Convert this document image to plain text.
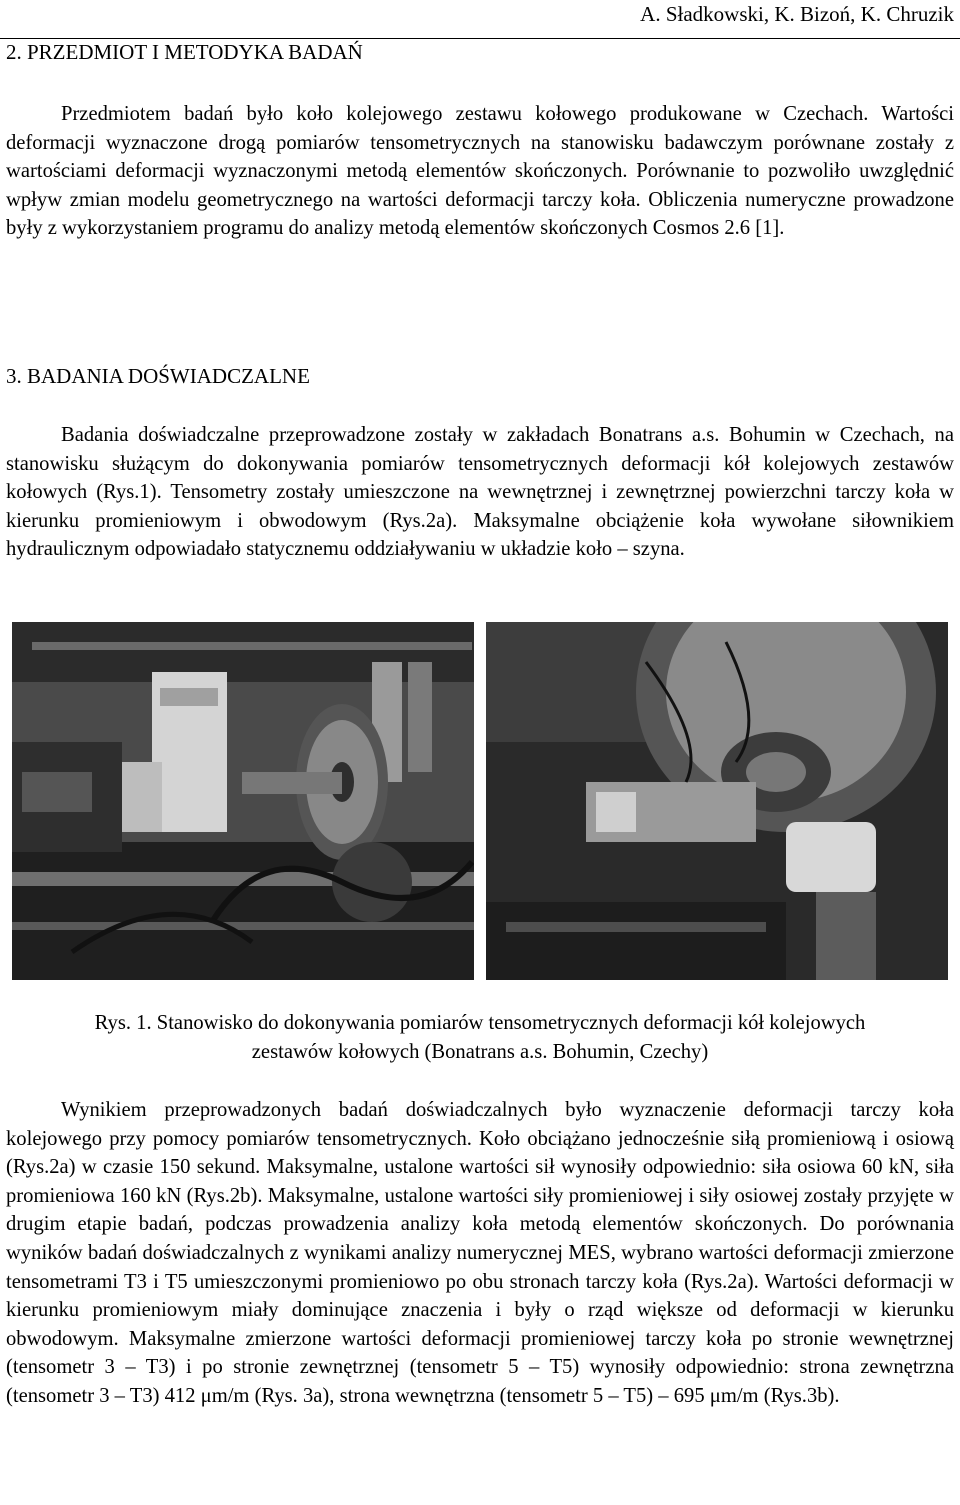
A. Sładkowski, K. Bizoń, K. Chruzik
2. PRZEDMIOT I METODYKA BADAŃ

Przedmiotem badań było koło kolejowego zestawu kołowego produkowane w Czechach. Wartości deformacji wyznaczone drogą pomiarów tensometrycznych na stanowisku badawczym porównane zostały z wartościami deformacji wyznaczonymi metodą elementów skończonych. Porównanie to pozwoliło uwzględnić wpływ zmian modelu geometrycznego na wartości deformacji tarczy koła. Obliczenia numeryczne prowadzone były z wykorzystaniem programu do analizy metodą elementów skończonych Cosmos 2.6 [1].

3. BADANIA DOŚWIADCZALNE

Badania doświadczalne przeprowadzone zostały w zakładach Bonatrans a.s. Bohumin w Czechach, na stanowisku służącym do dokonywania pomiarów tensometrycznych deformacji kół kolejowych zestawów kołowych (Rys.1). Tensometry zostały umieszczone na wewnętrznej i zewnętrznej powierzchni tarczy koła w kierunku promieniowym i obwodowym (Rys.2a). Maksymalne obciążenie koła wywołane siłownikiem hydraulicznym odpowiadało statycznemu oddziaływaniu w układzie koło – szyna.

Rys. 1. Stanowisko do dokonywania pomiarów tensometrycznych deformacji kół kolejowych
zestawów kołowych (Bonatrans a.s. Bohumin, Czechy)

Wynikiem przeprowadzonych badań doświadczalnych było wyznaczenie deformacji tarczy koła kolejowego przy pomocy pomiarów tensometrycznych. Koło obciążano jednocześnie siłą promieniową i osiową (Rys.2a) w czasie 150 sekund. Maksymalne, ustalone wartości sił wynosiły odpowiednio: siła osiowa 60 kN, siła promieniowa 160 kN (Rys.2b). Maksymalne, ustalone wartości siły promieniowej i siły osiowej zostały przyjęte w drugim etapie badań, podczas prowadzenia analizy koła metodą elementów skończonych. Do porównania wyników badań doświadczalnych z wynikami analizy numerycznej MES, wybrano wartości deformacji zmierzone tensometrami T3 i T5 umieszczonymi promieniowo po obu stronach tarczy koła (Rys.2a). Wartości deformacji w kierunku promieniowym miały dominujące znaczenia i były o rząd większe od deformacji w kierunku obwodowym. Maksymalne zmierzone wartości deformacji promieniowej tarczy koła po stronie wewnętrznej (tensometr 3 – T3) i po stronie zewnętrznej (tensometr 5 – T5) wynosiły odpowiednio: strona zewnętrzna (tensometr 3 – T3) 412 μm/m (Rys. 3a), strona wewnętrzna (tensometr 5 – T5) – 695 μm/m (Rys.3b).
